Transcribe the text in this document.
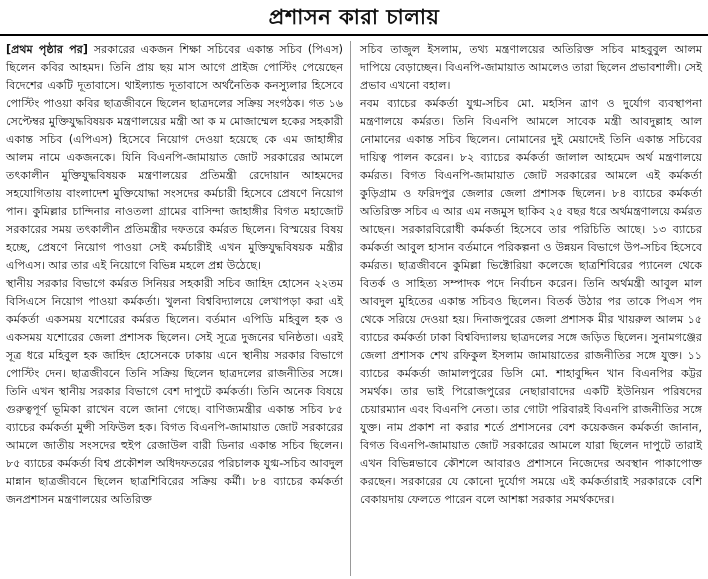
প্রশাসন কারা চালায়

[প্রথম পৃষ্ঠার পর] সরকারের একজন শিক্ষা সচিবের একান্ত সচিব (পিএস) ছিলেন কবির আহমদ। তিনি প্রায় ছয় মাস আগে প্রাইজ পোস্টিং পেয়েছেন বিদেশের একটি দূতাবাসে। থাইল্যান্ড দূতাবাসে অর্থনৈতিক কনস্যুলার হিসেবে পোস্টিং পাওয়া কবির ছাত্রজীবনে ছিলেন ছাত্রদলের সক্রিয় সংগঠক। গত ১৬ সেপ্টেম্বর মুক্তিযুদ্ধবিষয়ক মন্ত্রণালয়ের মন্ত্রী আ ক ম মোজাম্মেল হকের সহকারী একান্ত সচিব (এপিএস) হিসেবে নিয়োগ দেওয়া হয়েছে কে এম জাহাঙ্গীর আলম নামে একজনকে। যিনি বিএনপি-জামায়াত জোট সরকারের আমলে তৎকালীন মুক্তিযুদ্ধবিষয়ক মন্ত্রণালয়ের প্রতিমন্ত্রী রেদোয়ান আহমদের সহযোগিতায় বাংলাদেশ মুক্তিযোদ্ধা সংসদের কর্মচারী হিসেবে প্রেষণে নিয়োগ পান। কুমিল্লার চান্দিনার নাওতলা গ্রামের বাসিন্দা জাহাঙ্গীর বিগত মহাজোট সরকারের সময় তৎকালীন প্রতিমন্ত্রীর দফতরে কর্মরত ছিলেন। বিস্ময়ের বিষয় হচ্ছে, প্রেষণে নিয়োগ পাওয়া সেই কর্মচারীই এখন মুক্তিযুদ্ধবিষয়ক মন্ত্রীর এপিএস। আর তার এই নিয়োগে বিভিন্ন মহলে প্রশ্ন উঠেছে।

স্থানীয় সরকার বিভাগে কর্মরত সিনিয়র সহকারী সচিব জাহিদ হোসেন ২২তম বিসিএসে নিয়োগ পাওয়া কর্মকর্তা। খুলনা বিশ্ববিদ্যালয়ে লেখাপড়া করা এই কর্মকর্তা একসময় যশোরের কর্মরত ছিলেন। বর্তমান এপিডি মহিবুল হক ও একসময় যশোরের জেলা প্রশাসক ছিলেন। সেই সূত্রে দুজনের ঘনিষ্ঠতা। এরই সূত্র ধরে মহিবুল হক জাহিদ হোসেনকে ঢাকায় এনে স্থানীয় সরকার বিভাগে পোস্টিং দেন। ছাত্রজীবনে তিনি সক্রিয় ছিলেন ছাত্রদলের রাজনীতির সঙ্গে। তিনি এখন স্থানীয় সরকার বিভাগে বেশ দাপুটে কর্মকর্তা। তিনি অনেক বিষয়ে গুরুত্বপূর্ণ ভূমিকা রাখেন বলে জানা গেছে। বাণিজ্যমন্ত্রীর একান্ত সচিব ৮৫ ব্যাচের কর্মকর্তা মুন্সী সফিউল হক। বিগত বিএনপি-জামায়াত জোট সরকারের আমলে জাতীয় সংসদের হুইপ রেজাউল বারী ডিনার একান্ত সচিব ছিলেন। ৮৫ ব্যাচের কর্মকর্তা বিশ্ব প্রকৌশল অধিদফতরের পরিচালক যুগ্ম-সচিব আবদুল মান্নান ছাত্রজীবনে ছিলেন ছাত্রশিবিরের সক্রিয় কর্মী। ৮৪ ব্যাচের কর্মকর্তা জনপ্রশাসন মন্ত্রণালয়ের অতিরিক্ত

সচিব তাজুল ইসলাম, তথ্য মন্ত্রণালয়ের অতিরিক্ত সচিব মাহবুবুল আলম দাপিয়ে বেড়াচ্ছেন। বিএনপি-জামায়াত আমলেও তারা ছিলেন প্রভাবশালী। সেই প্রভাব এখনো বহাল।

নবম ব্যাচের কর্মকর্তা যুগ্ম-সচিব মো. মহসিন ত্রাণ ও দুর্যোগ ব্যবস্থাপনা মন্ত্রণালয়ে কর্মরত। তিনি বিএনপি আমলে সাবেক মন্ত্রী আবদুল্লাহ আল নোমানের একান্ত সচিব ছিলেন। নোমানের দুই মেয়াদেই তিনি একান্ত সচিবের দায়িত্ব পালন করেন। ৮২ ব্যাচের কর্মকর্তা জালাল আহমেদ অর্থ মন্ত্রণালয়ে কর্মরত। বিগত বিএনপি-জামায়াত জোট সরকারের আমলে এই কর্মকর্তা কুড়িগ্রাম ও ফরিদপুর জেলার জেলা প্রশাসক ছিলেন। ৮৪ ব্যাচের কর্মকর্তা অতিরিক্ত সচিব এ আর এম নজমুস ছাকিব ২৫ বছর ধরে অর্থমন্ত্রণালয়ে কর্মরত আছেন। সরকারবিরোধী কর্মকর্তা হিসেবে তার পরিচিতি আছে। ১৩ ব্যাচের কর্মকর্তা আবুল হাসান বর্তমানে পরিকল্পনা ও উন্নয়ন বিভাগে উপ-সচিব হিসেবে কর্মরত। ছাত্রজীবনে কুমিল্লা ভিক্টোরিয়া কলেজে ছাত্রশিবিরের প্যানেল থেকে বিতর্ক ও সাহিত্য সম্পাদক পদে নির্বাচন করেন। তিনি অর্থমন্ত্রী আবুল মাল আবদুল মুহিতের একান্ত সচিবও ছিলেন। বিতর্ক উঠার পর তাকে পিএস পদ থেকে সরিয়ে দেওয়া হয়। দিনাজপুরের জেলা প্রশাসক মীর খায়রুল আলম ১৫ ব্যাচের কর্মকর্তা ঢাকা বিশ্ববিদ্যালয় ছাত্রদলের সঙ্গে জড়িত ছিলেন। সুনামগঞ্জের জেলা প্রশাসক শেখ রফিকুল ইসলাম জামায়াতের রাজনীতির সঙ্গে যুক্ত। ১১ ব্যাচের কর্মকর্তা জামালপুরের ডিসি মো. শাহাবুদ্দিন খান বিএনপির কট্টর সমর্থক। তার ভাই পিরোজপুরের নেছারাবাদের একটি ইউনিয়ন পরিষদের চেয়ারম্যান এবং বিএনপি নেতা। তার গোটা পরিবারই বিএনপি রাজনীতির সঙ্গে যুক্ত। নাম প্রকাশ না করার শর্তে প্রশাসনের বেশ কয়েকজন কর্মকর্তা জানান, বিগত বিএনপি-জামায়াত জোট সরকারের আমলে যারা ছিলেন দাপুটে তারাই এখন বিভিন্নভাবে কৌশলে আবারও প্রশাসনে নিজেদের অবস্থান পাকাপোক্ত করছেন। সরকারের যে কোনো দুর্যোগ সময়ে এই কর্মকর্তারাই সরকারকে বেশি বেকায়দায় ফেলতে পারেন বলে আশঙ্কা সরকার সমর্থকদের।
